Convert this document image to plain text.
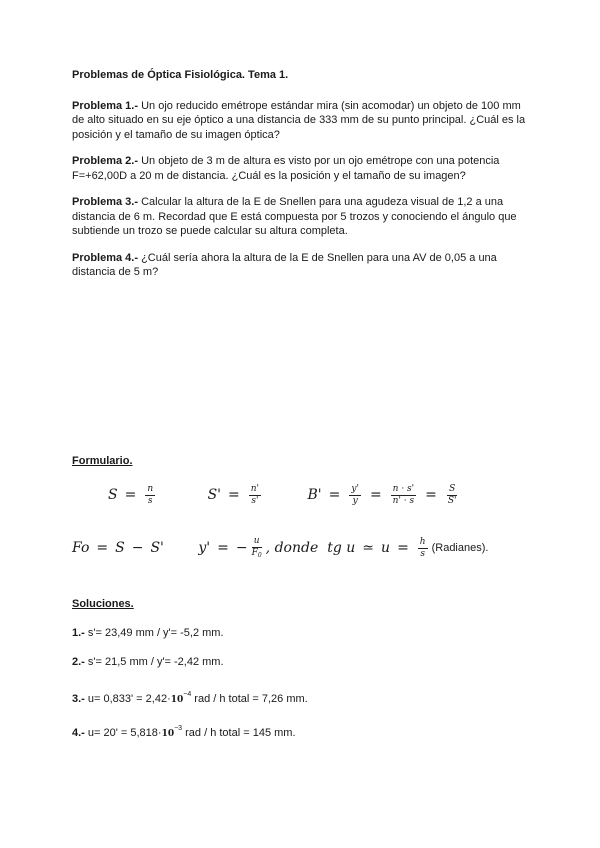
Problemas de Óptica Fisiológica. Tema 1.

Problema 1.- Un ojo reducido emétrope estándar mira (sin acomodar) un objeto de 100 mm de alto situado en su eje óptico a una distancia de 333 mm de su punto principal. ¿Cuál es la posición y el tamaño de su imagen óptica?

Problema 2.- Un objeto de 3 m de altura es visto por un ojo emétrope con una potencia F=+62,00D a 20 m de distancia. ¿Cuál es la posición y el tamaño de su imagen?

Problema 3.- Calcular la altura de la E de Snellen para una agudeza visual de 1,2 a una distancia de 6 m. Recordad que E está compuesta por 5 trozos y conociendo el ángulo que subtiende un trozo se puede calcular su altura completa.

Problema 4.- ¿Cuál sería ahora la altura de la E de Snellen para una AV de 0,05 a una distancia de 5 m?

Formulario.
$S = \frac{n}{s}$
	$S' = \frac{n'}{s'}$
	$B' = \frac{y'}{y} = \frac{n \cdot s'}{n' \cdot s} = \frac{S}{S'}$
Fo = S − S'
y' = − $\frac{u}{F_0}$ , donde tg u ≃ $u = \frac{h}{s}$ (Radianes).
Soluciones.
1.- s'= 23,49 mm / y'= -5,2 mm.
2.- s'= 21,5 mm / y'= -2,42 mm.
3.- $u= 0,833' = 2,42\cdot 10^{-4}$ rad / h total = 7,26 mm.
4.- $u= 20' = 5,818\cdot 10^{-3}$ rad / h total = 145 mm.
